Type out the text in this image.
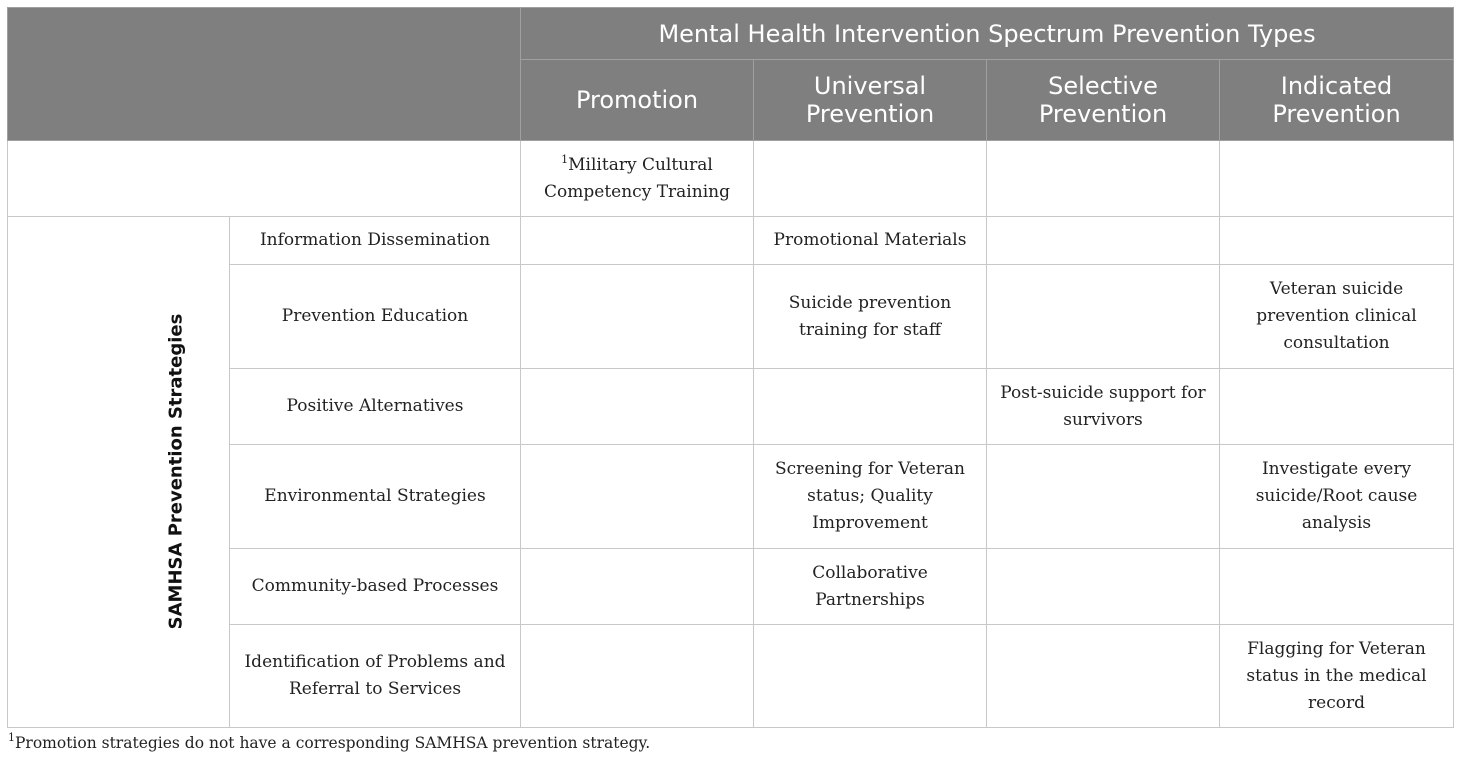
		Mental Health Intervention Spectrum Prevention Types			
		Promotion	Universal Prevention	Selective Prevention	Indicated Prevention
		$^1$Military Cultural Competency Training			
SAMHSA Prevention Strategies	Information Dissemination		Promotional Materials		
	Prevention Education		Suicide prevention training for staff		Veteran suicide prevention clinical consultation
	Positive Alternatives			Post-suicide support for survivors	
	Environmental Strategies		Screening for Veteran status; Quality Improvement		Investigate every suicide/Root cause analysis
	Community-based Processes		Collaborative Partnerships		
	Identification of Problems and Referral to Services				Flagging for Veteran status in the medical record
$^1$Promotion strategies do not have a corresponding SAMHSA prevention strategy.
